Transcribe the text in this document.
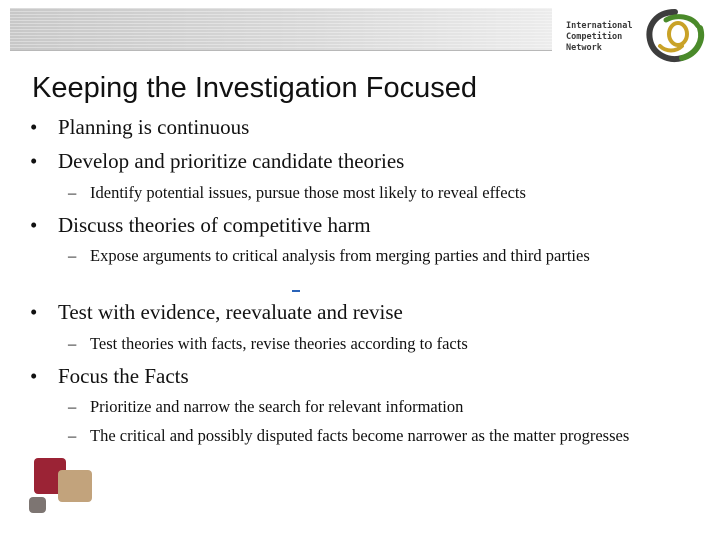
International
Competition
Network
Keeping the Investigation Focused
• Planning is continuous
• Develop and prioritize candidate theories
– Identify potential issues, pursue those most likely to reveal effects
• Discuss theories of competitive harm
– Expose arguments to critical analysis from merging parties and third parties
• Test with evidence, reevaluate and revise
– Test theories with facts, revise theories according to facts
• Focus the Facts
– Prioritize and narrow the search for relevant information
– The critical and possibly disputed facts become narrower as the matter progresses
